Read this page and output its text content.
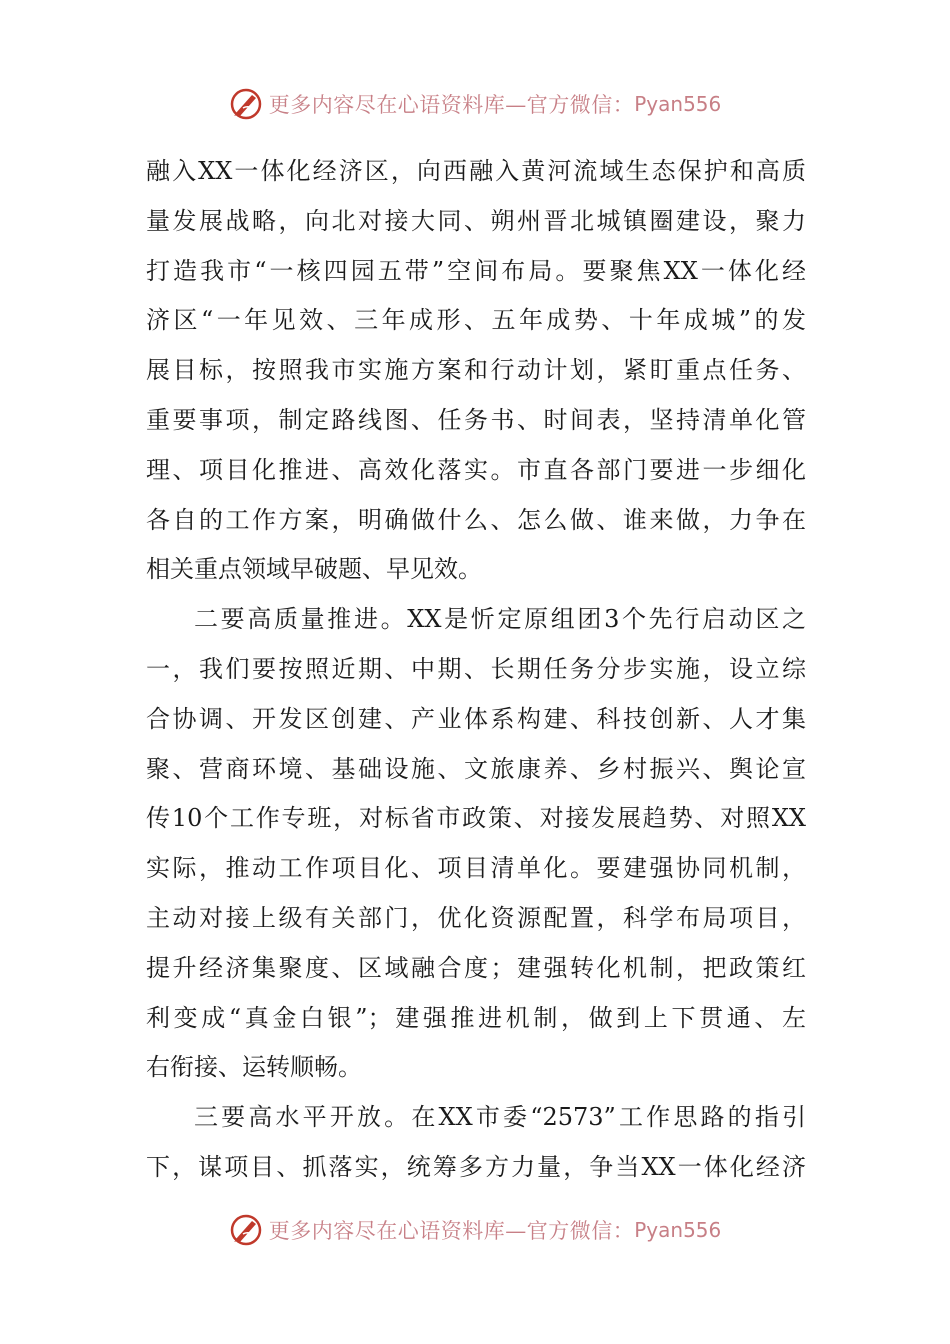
更多内容尽在心语资料库—官方微信： Pyan556
融入XX一体化经济区，向西融入黄河流域生态保护和高质
量发展战略，向北对接大同、朔州晋北城镇圈建设，聚力
打造我市“一核四园五带”空间布局。要聚焦XX一体化经
济区“一年见效、三年成形、五年成势、十年成城”的发
展目标，按照我市实施方案和行动计划，紧盯重点任务、
重要事项，制定路线图、任务书、时间表，坚持清单化管
理、项目化推进、高效化落实。市直各部门要进一步细化
各自的工作方案，明确做什么、怎么做、谁来做，力争在
相关重点领域早破题、早见效。
二要高质量推进。XX是忻定原组团3个先行启动区之
一，我们要按照近期、中期、长期任务分步实施，设立综
合协调、开发区创建、产业体系构建、科技创新、人才集
聚、营商环境、基础设施、文旅康养、乡村振兴、舆论宣
传10个工作专班，对标省市政策、对接发展趋势、对照XX
实际，推动工作项目化、项目清单化。要建强协同机制，
主动对接上级有关部门，优化资源配置，科学布局项目，
提升经济集聚度、区域融合度；建强转化机制，把政策红
利变成“真金白银”；建强推进机制，做到上下贯通、左
右衔接、运转顺畅。
三要高水平开放。在XX市委“2573”工作思路的指引
下，谋项目、抓落实，统筹多方力量，争当XX一体化经济
更多内容尽在心语资料库—官方微信： Pyan556
